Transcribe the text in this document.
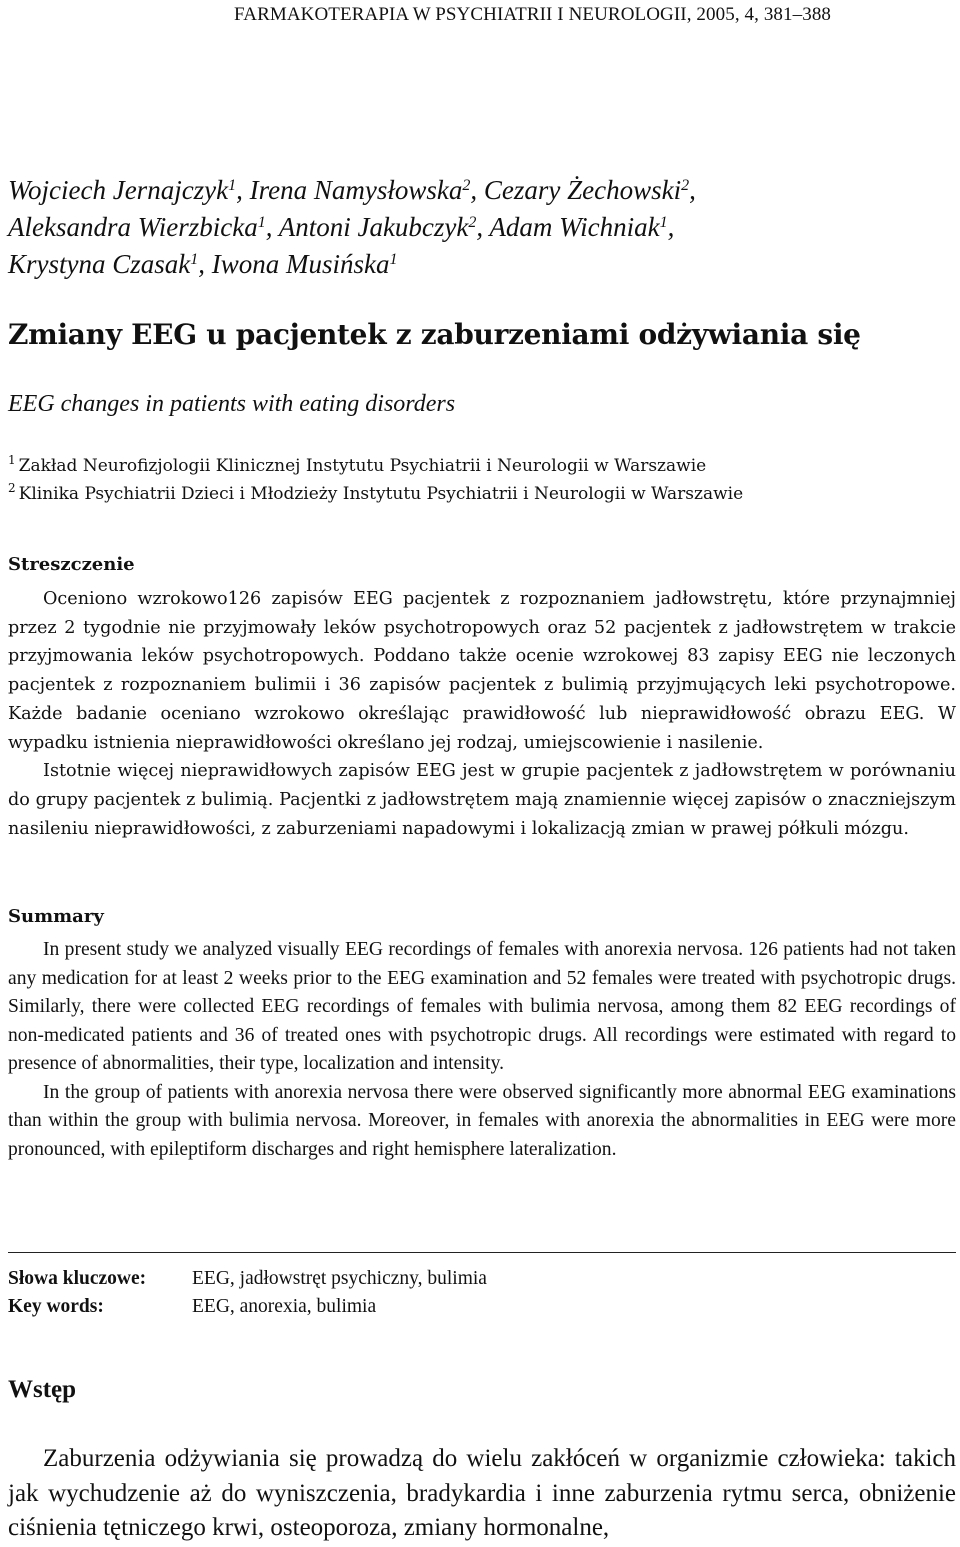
FARMAKOTERAPIA W PSYCHIATRII I NEUROLOGII, 2005, 4, 381–388
Wojciech Jernajczyk$^1$, Irena Namysłowska$^2$, Cezary Żechowski$^2$,
Aleksandra Wierzbicka$^1$, Antoni Jakubczyk$^2$, Adam Wichniak$^1$,
Krystyna Czasak$^1$, Iwona Musińska$^1$
Zmiany EEG u pacjentek z zaburzeniami odżywiania się
EEG changes in patients with eating disorders
$^1$ Zakład Neurofizjologii Klinicznej Instytutu Psychiatrii i Neurologii w Warszawie
$^2$ Klinika Psychiatrii Dzieci i Młodzieży Instytutu Psychiatrii i Neurologii w Warszawie
Streszczenie

Oceniono wzrokowo126 zapisów EEG pacjentek z rozpoznaniem jadłowstrętu, które przynajmniej przez 2 tygodnie nie przyjmowały leków psychotropowych oraz 52 pacjentek z jadłowstrętem w trakcie przyjmowania leków psychotropowych. Poddano także ocenie wzrokowej 83 zapisy EEG nie leczonych pacjentek z rozpoznaniem bulimii i 36 zapisów pacjentek z bulimią przyjmujących leki psychotropowe. Każde badanie oceniano wzrokowo określając prawidłowość lub nieprawidłowość obrazu EEG. W wypadku istnienia nieprawidłowości określano jej rodzaj, umiejscowienie i nasilenie.

Istotnie więcej nieprawidłowych zapisów EEG jest w grupie pacjentek z jadłowstrętem w porównaniu do grupy pacjentek z bulimią. Pacjentki z jadłowstrętem mają znamiennie więcej zapisów o znaczniejszym nasileniu nieprawidłowości, z zaburzeniami napadowymi i lokalizacją zmian w prawej półkuli mózgu.

Summary

In present study we analyzed visually EEG recordings of females with anorexia nervosa. 126 patients had not taken any medication for at least 2 weeks prior to the EEG examination and 52 females were treated with psychotropic drugs. Similarly, there were collected EEG recordings of females with bulimia nervosa, among them 82 EEG recordings of non-medicated patients and 36 of treated ones with psychotropic drugs. All recordings were estimated with regard to presence of abnormalities, their type, localization and intensity.

In the group of patients with anorexia nervosa there were observed significantly more abnormal EEG examinations than within the group with bulimia nervosa. Moreover, in females with anorexia the abnormalities in EEG were more pronounced, with epileptiform discharges and right hemisphere lateralization.

Słowa kluczowe: EEG, jadłowstręt psychiczny, bulimia
Key words:	EEG, anorexia, bulimia
Wstęp

Zaburzenia odżywiania się prowadzą do wielu zakłóceń w organizmie człowieka: takich jak wychudzenie aż do wyniszczenia, bradykardia i inne zaburzenia rytmu serca, obniżenie ciśnienia tętniczego krwi, osteoporoza, zmiany hormonalne,
